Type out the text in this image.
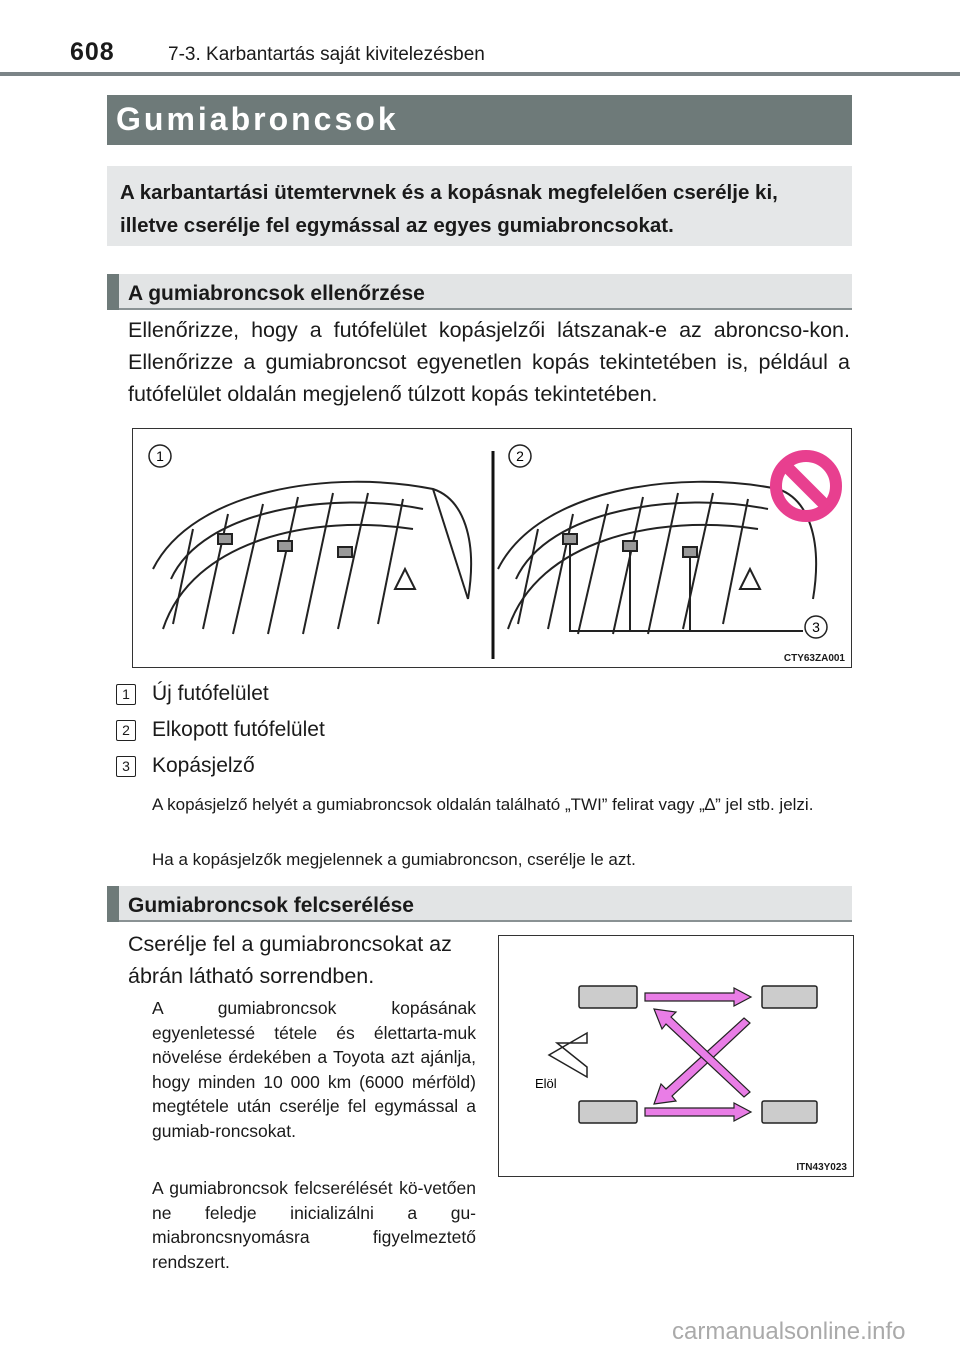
608	7-3. Karbantartás saját kivitelezésben
Gumiabroncsok
A karbantartási ütemtervnek és a kopásnak megfelelően cserélje ki, illetve cserélje fel egymással az egyes gumiabroncsokat.
A gumiabroncsok ellenőrzése
Ellenőrizze, hogy a futófelület kopásjelzői látszanak-e az abroncso-kon. Ellenőrizze a gumiabroncsot egyenetlen kopás tekintetében is, például a futófelület oldalán megjelenő túlzott kopás tekintetében.
1	2
3
CTY63ZA001
1 Új futófelület
2 Elkopott futófelület
3 Kopásjelző
A kopásjelző helyét a gumiabroncsok oldalán található „TWI” felirat vagy „∆” jel stb. jelzi.
Ha a kopásjelzők megjelennek a gumiabroncson, cserélje le azt.
Gumiabroncsok felcserélése
Cserélje fel a gumiabroncsokat az ábrán látható sorrendben.
A gumiabroncsok kopásának egyenletessé tétele és élettarta-muk növelése érdekében a Toyota azt ajánlja, hogy minden 10 000 km (6000 mérföld) megtétele után cserélje fel egymással a gumiab-roncsokat.
A gumiabroncsok felcserélését kö-vetően ne feledje inicializálni a gu-miabroncsnyomásra figyelmeztető rendszert.
Elöl
ITN43Y023
carmanualsonline.info
